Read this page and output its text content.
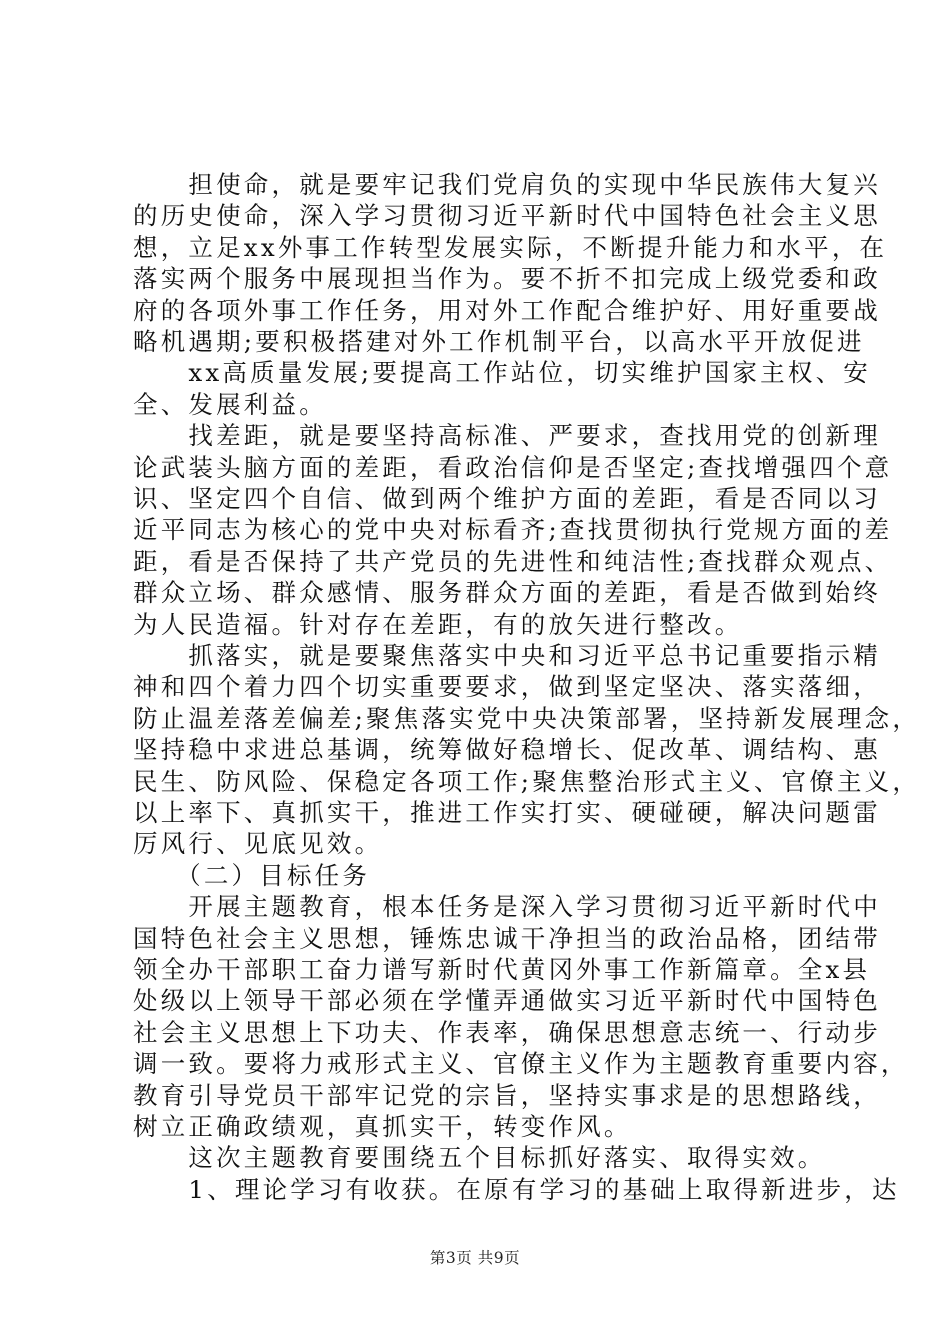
　　担使命，就是要牢记我们党肩负的实现中华民族伟大复兴
的历史使命，深入学习贯彻习近平新时代中国特色社会主义思
想，立足xx外事工作转型发展实际，不断提升能力和水平，在
落实两个服务中展现担当作为。要不折不扣完成上级党委和政
府的各项外事工作任务，用对外工作配合维护好、用好重要战
略机遇期;要积极搭建对外工作机制平台，以高水平开放促进
　　xx高质量发展;要提高工作站位，切实维护国家主权、安
全、发展利益。
　　找差距，就是要坚持高标准、严要求，查找用党的创新理
论武装头脑方面的差距，看政治信仰是否坚定;查找增强四个意
识、坚定四个自信、做到两个维护方面的差距，看是否同以习
近平同志为核心的党中央对标看齐;查找贯彻执行党规方面的差
距，看是否保持了共产党员的先进性和纯洁性;查找群众观点、
群众立场、群众感情、服务群众方面的差距，看是否做到始终
为人民造福。针对存在差距，有的放矢进行整改。
　　抓落实，就是要聚焦落实中央和习近平总书记重要指示精
神和四个着力四个切实重要要求，做到坚定坚决、落实落细，
防止温差落差偏差;聚焦落实党中央决策部署，坚持新发展理念，
坚持稳中求进总基调，统筹做好稳增长、促改革、调结构、惠
民生、防风险、保稳定各项工作;聚焦整治形式主义、官僚主义，
以上率下、真抓实干，推进工作实打实、硬碰硬，解决问题雷
厉风行、见底见效。
　　（二）目标任务
　　开展主题教育，根本任务是深入学习贯彻习近平新时代中
国特色社会主义思想，锤炼忠诚干净担当的政治品格，团结带
领全办干部职工奋力谱写新时代黄冈外事工作新篇章。全x县
处级以上领导干部必须在学懂弄通做实习近平新时代中国特色
社会主义思想上下功夫、作表率，确保思想意志统一、行动步
调一致。要将力戒形式主义、官僚主义作为主题教育重要内容，
教育引导党员干部牢记党的宗旨，坚持实事求是的思想路线，
树立正确政绩观，真抓实干，转变作风。
　　这次主题教育要围绕五个目标抓好落实、取得实效。
　　1、理论学习有收获。在原有学习的基础上取得新进步，达
第3页 共9页
